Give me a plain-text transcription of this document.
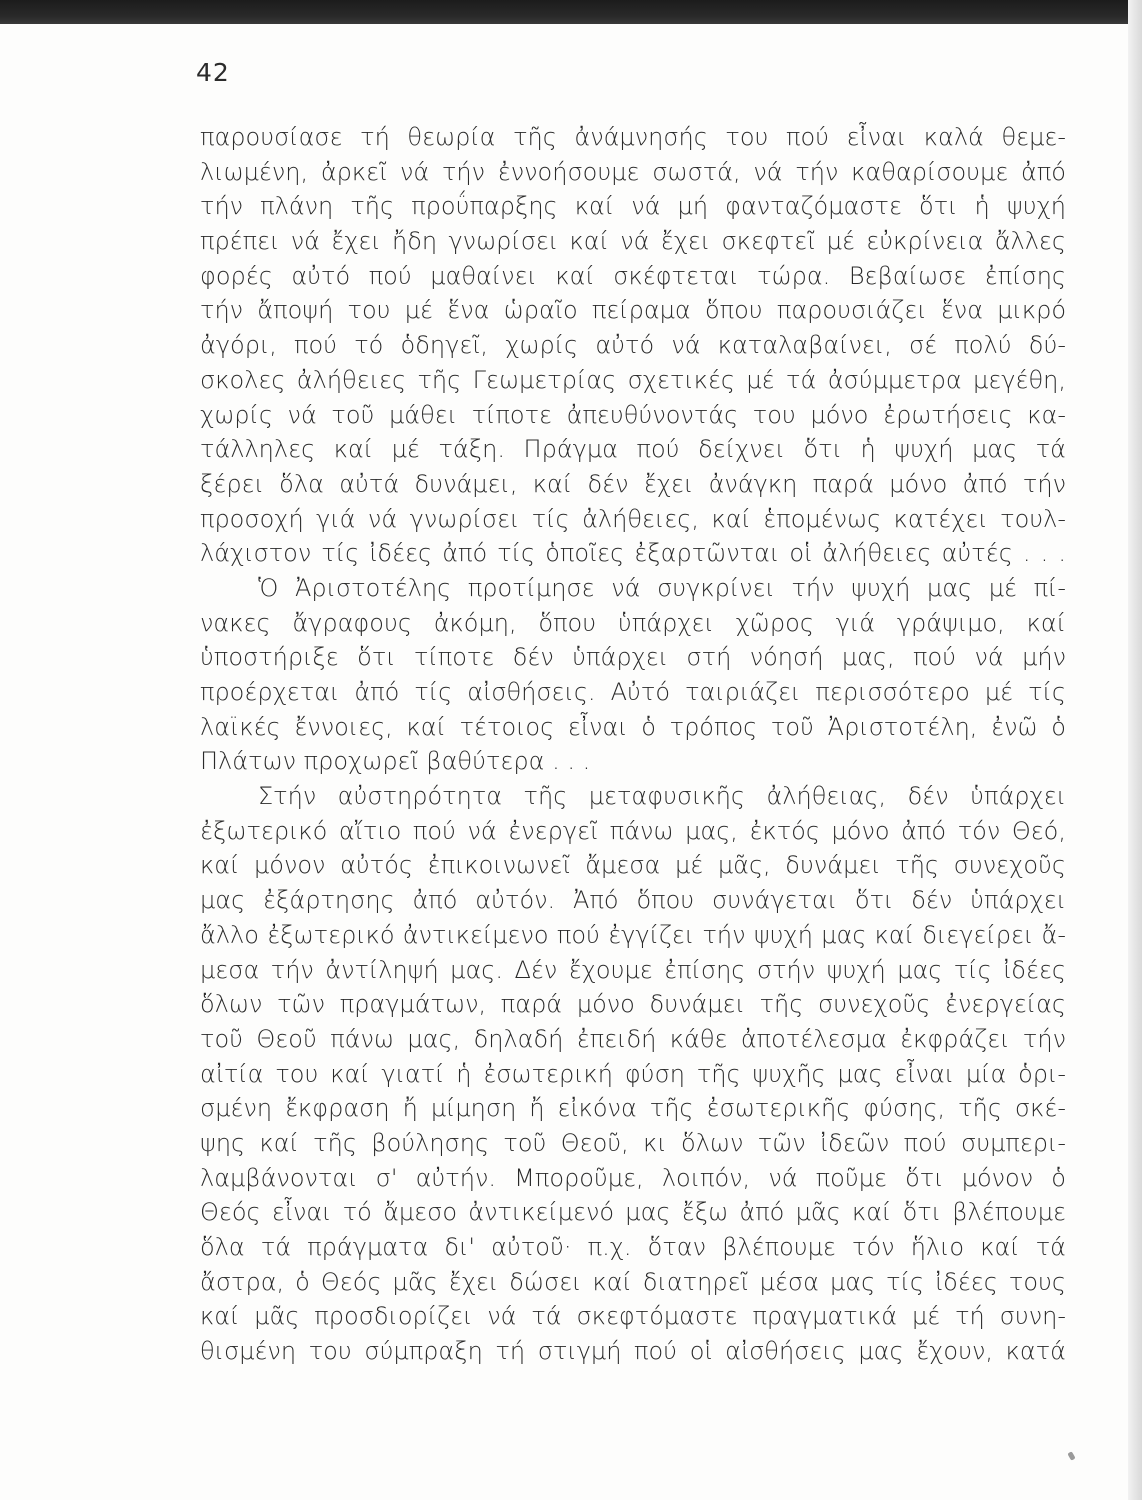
42
παρουσίασε τή θεωρία τῆς ἀνάμνησής του πού εἶναι καλά θεμε-
λιωμένη, ἀρκεῖ νά τήν ἐννοήσουμε σωστά, νά τήν καθαρίσουμε ἀπό
τήν πλάνη τῆς προΰπαρξης καί νά μή φανταζόμαστε ὅτι ἡ ψυχή
πρέπει νά ἔχει ἤδη γνωρίσει καί νά ἔχει σκεφτεῖ μέ εὐκρίνεια ἄλλες
φορές αὐτό πού μαθαίνει καί σκέφτεται τώρα. Βεβαίωσε ἐπίσης
τήν ἄποψή του μέ ἕνα ὡραῖο πείραμα ὅπου παρουσιάζει ἕνα μικρό
ἀγόρι, πού τό ὁδηγεῖ, χωρίς αὐτό νά καταλαβαίνει, σέ πολύ δύ-
σκολες ἀλήθειες τῆς Γεωμετρίας σχετικές μέ τά ἀσύμμετρα μεγέθη,
χωρίς νά τοῦ μάθει τίποτε ἀπευθύνοντάς του μόνο ἐρωτήσεις κα-
τάλληλες καί μέ τάξη. Πράγμα πού δείχνει ὅτι ἡ ψυχή μας τά
ξέρει ὅλα αὐτά δυνάμει, καί δέν ἔχει ἀνάγκη παρά μόνο ἀπό τήν
προσοχή γιά νά γνωρίσει τίς ἀλήθειες, καί ἑπομένως κατέχει τουλ-
λάχιστον τίς ἰδέες ἀπό τίς ὁποῖες ἐξαρτῶνται οἱ ἀλήθειες αὐτές . . .
Ὁ Ἀριστοτέλης προτίμησε νά συγκρίνει τήν ψυχή μας μέ πί-
νακες ἄγραφους ἀκόμη, ὅπου ὑπάρχει χῶρος γιά γράψιμο, καί
ὑποστήριξε ὅτι τίποτε δέν ὑπάρχει στή νόησή μας, πού νά μήν
προέρχεται ἀπό τίς αἰσθήσεις. Αὐτό ταιριάζει περισσότερο μέ τίς
λαϊκές ἔννοιες, καί τέτοιος εἶναι ὁ τρόπος τοῦ Ἀριστοτέλη, ἐνῶ ὁ
Πλάτων προχωρεῖ βαθύτερα . . .
Στήν αὐστηρότητα τῆς μεταφυσικῆς ἀλήθειας, δέν ὑπάρχει
ἐξωτερικό αἴτιο πού νά ἐνεργεῖ πάνω μας, ἐκτός μόνο ἀπό τόν Θεό,
καί μόνον αὐτός ἐπικοινωνεῖ ἄμεσα μέ μᾶς, δυνάμει τῆς συνεχοῦς
μας ἐξάρτησης ἀπό αὐτόν. Ἀπό ὅπου συνάγεται ὅτι δέν ὑπάρχει
ἄλλο ἐξωτερικό ἀντικείμενο πού ἐγγίζει τήν ψυχή μας καί διεγείρει ἄ-
μεσα τήν ἀντίληψή μας. Δέν ἔχουμε ἐπίσης στήν ψυχή μας τίς ἰδέες
ὅλων τῶν πραγμάτων, παρά μόνο δυνάμει τῆς συνεχοῦς ἐνεργείας
τοῦ Θεοῦ πάνω μας, δηλαδή ἐπειδή κάθε ἀποτέλεσμα ἐκφράζει τήν
αἰτία του καί γιατί ἡ ἐσωτερική φύση τῆς ψυχῆς μας εἶναι μία ὁρι-
σμένη ἔκφραση ἤ μίμηση ἤ εἰκόνα τῆς ἐσωτερικῆς φύσης, τῆς σκέ-
ψης καί τῆς βούλησης τοῦ Θεοῦ, κι ὅλων τῶν ἰδεῶν πού συμπερι-
λαμβάνονται σ' αὐτήν. Μποροῦμε, λοιπόν, νά ποῦμε ὅτι μόνον ὁ
Θεός εἶναι τό ἄμεσο ἀντικείμενό μας ἔξω ἀπό μᾶς καί ὅτι βλέπουμε
ὅλα τά πράγματα δι' αὐτοῦ· π.χ. ὅταν βλέπουμε τόν ἥλιο καί τά
ἄστρα, ὁ Θεός μᾶς ἔχει δώσει καί διατηρεῖ μέσα μας τίς ἰδέες τους
καί μᾶς προσδιορίζει νά τά σκεφτόμαστε πραγματικά μέ τή συνη-
θισμένη του σύμπραξη τή στιγμή πού οἱ αἰσθήσεις μας ἔχουν, κατά
